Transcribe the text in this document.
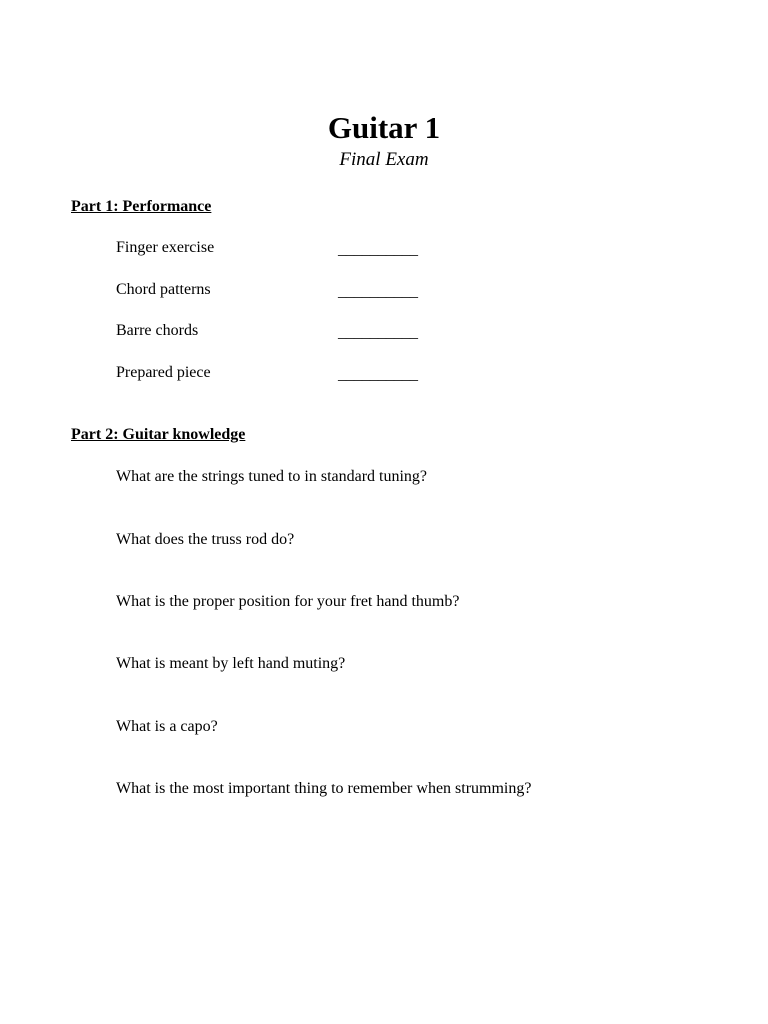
Guitar 1
Final Exam
Part 1: Performance
Finger exercise	__________
Chord patterns	__________
Barre chords	__________
Prepared piece	__________
Part 2: Guitar knowledge
What are the strings tuned to in standard tuning?
What does the truss rod do?
What is the proper position for your fret hand thumb?
What is meant by left hand muting?
What is a capo?
What is the most important thing to remember when strumming?
